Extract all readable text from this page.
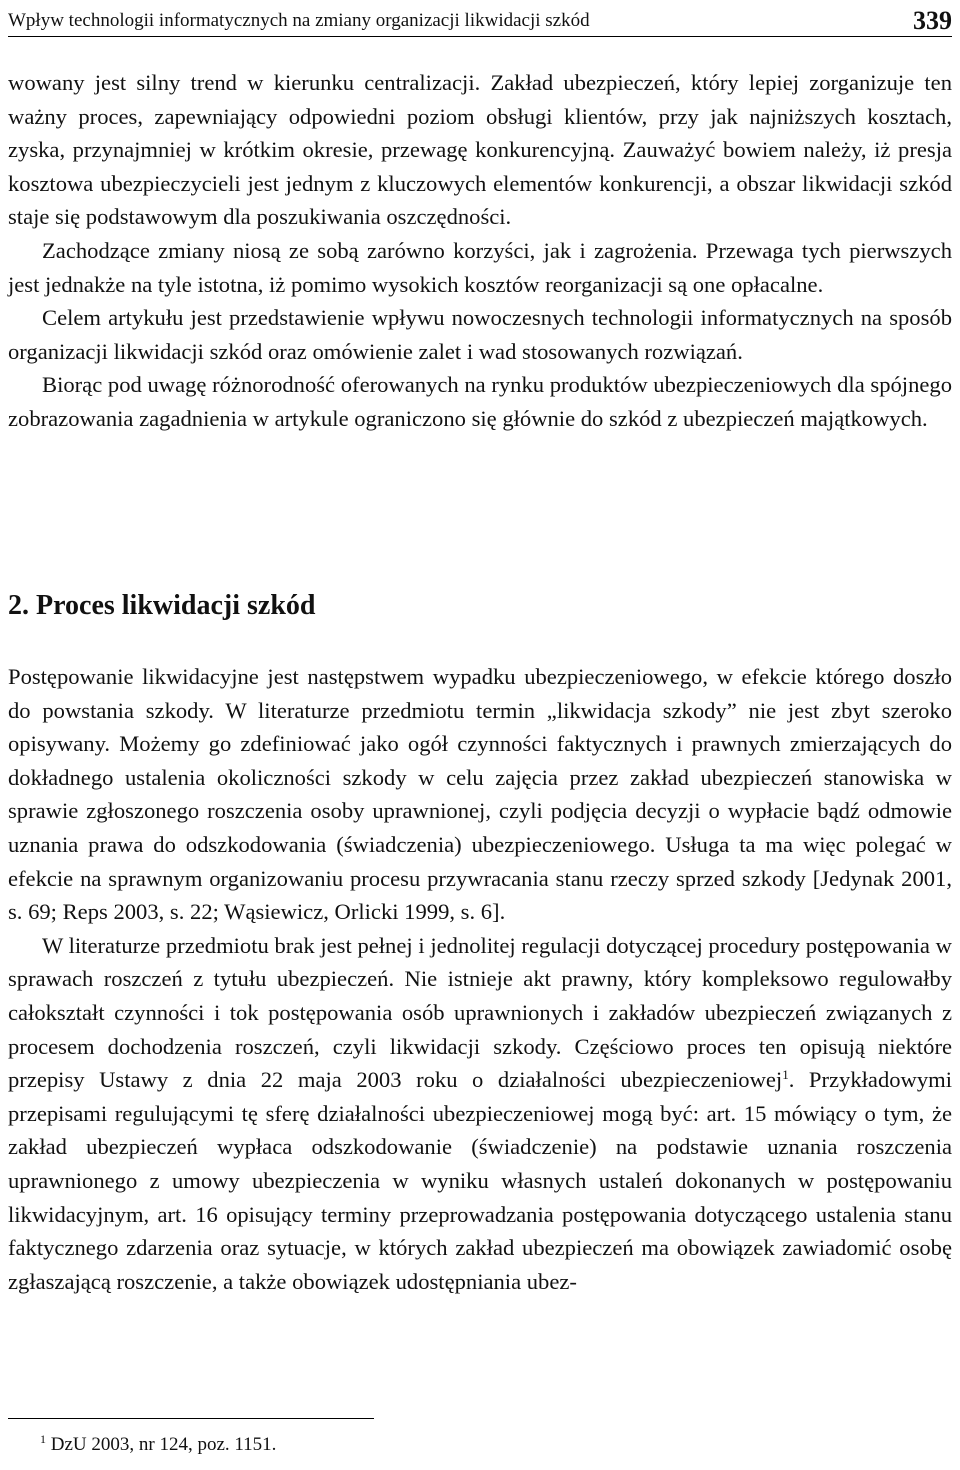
Wpływ technologii informatycznych na zmiany organizacji likwidacji szkód	339

wowany jest silny trend w kierunku centralizacji. Zakład ubezpieczeń, który lepiej zorganizuje ten ważny proces, zapewniający odpowiedni poziom obsługi klientów, przy jak najniższych kosztach, zyska, przynajmniej w krótkim okresie, przewagę konkurencyjną. Zauważyć bowiem należy, iż presja kosztowa ubezpieczycieli jest jednym z kluczowych elementów konkurencji, a obszar likwidacji szkód staje się podstawowym dla poszukiwania oszczędności.

Zachodzące zmiany niosą ze sobą zarówno korzyści, jak i zagrożenia. Przewaga tych pierwszych jest jednakże na tyle istotna, iż pomimo wysokich kosztów reorganizacji są one opłacalne.

Celem artykułu jest przedstawienie wpływu nowoczesnych technologii informatycznych na sposób organizacji likwidacji szkód oraz omówienie zalet i wad stosowanych rozwiązań.

Biorąc pod uwagę różnorodność oferowanych na rynku produktów ubezpieczeniowych dla spójnego zobrazowania zagadnienia w artykule ograniczono się głównie do szkód z ubezpieczeń majątkowych.

2. Proces likwidacji szkód

Postępowanie likwidacyjne jest następstwem wypadku ubezpieczeniowego, w efekcie którego doszło do powstania szkody. W literaturze przedmiotu termin „likwidacja szkody” nie jest zbyt szeroko opisywany. Możemy go zdefiniować jako ogół czynności faktycznych i prawnych zmierzających do dokładnego ustalenia okoliczności szkody w celu zajęcia przez zakład ubezpieczeń stanowiska w sprawie zgłoszonego roszczenia osoby uprawnionej, czyli podjęcia decyzji o wypłacie bądź odmowie uznania prawa do odszkodowania (świadczenia) ubezpieczeniowego. Usługa ta ma więc polegać w efekcie na sprawnym organizowaniu procesu przywracania stanu rzeczy sprzed szkody [Jedynak 2001, s. 69; Reps 2003, s. 22; Wąsiewicz, Orlicki 1999, s. 6].

W literaturze przedmiotu brak jest pełnej i jednolitej regulacji dotyczącej procedury postępowania w sprawach roszczeń z tytułu ubezpieczeń. Nie istnieje akt prawny, który kompleksowo regulowałby całokształt czynności i tok postępowania osób uprawnionych i zakładów ubezpieczeń związanych z procesem dochodzenia roszczeń, czyli likwidacji szkody. Częściowo proces ten opisują niektóre przepisy Ustawy z dnia 22 maja 2003 roku o działalności ubezpieczeniowej$^1$. Przykładowymi przepisami regulującymi tę sferę działalności ubezpieczeniowej mogą być: art. 15 mówiący o tym, że zakład ubezpieczeń wypłaca odszkodowanie (świadczenie) na podstawie uznania roszczenia uprawnionego z umowy ubezpieczenia w wyniku własnych ustaleń dokonanych w postępowaniu likwidacyjnym, art. 16 opisujący terminy przeprowadzania postępowania dotyczącego ustalenia stanu faktycznego zdarzenia oraz sytuacje, w których zakład ubezpieczeń ma obowiązek zawiadomić osobę zgłaszającą roszczenie, a także obowiązek udostępniania ubez-

$^1$ DzU 2003, nr 124, poz. 1151.
